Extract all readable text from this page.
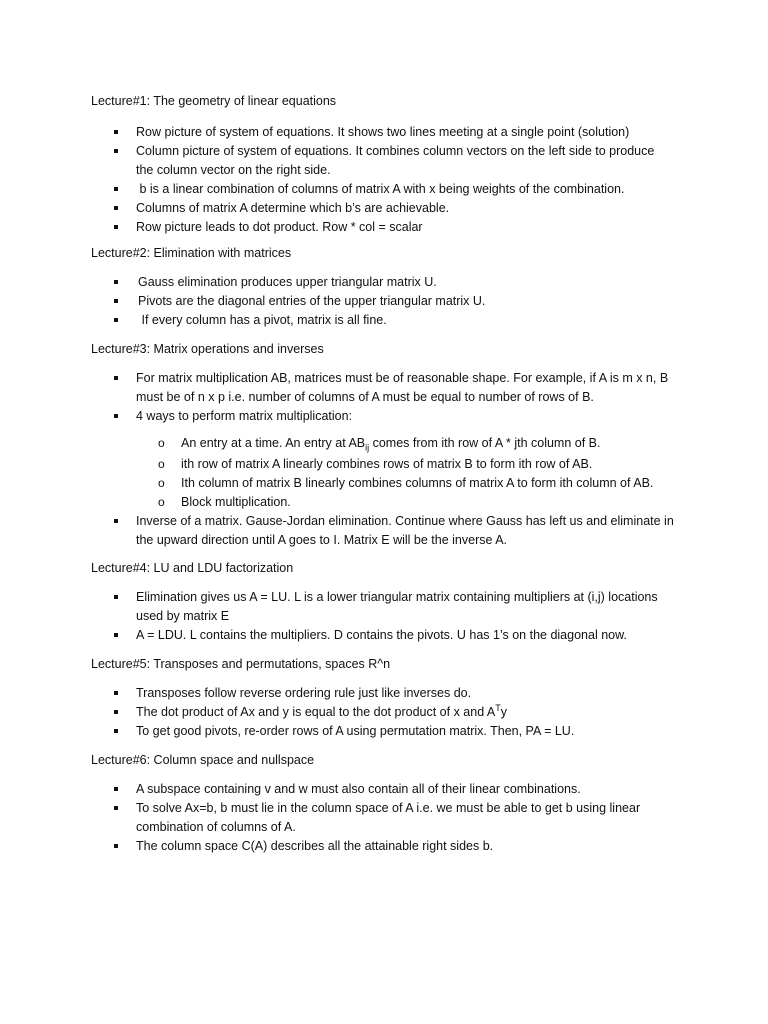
Lecture#1: The geometry of linear equations
Row picture of system of equations. It shows two lines meeting at a single point (solution)
Column picture of system of equations. It combines column vectors on the left side to produce the column vector on the right side.
b is a linear combination of columns of matrix A with x being weights of the combination.
Columns of matrix A determine which b’s are achievable.
Row picture leads to dot product. Row * col = scalar
Lecture#2: Elimination with matrices
Gauss elimination produces upper triangular matrix U.
Pivots are the diagonal entries of the upper triangular matrix U.
If every column has a pivot, matrix is all fine.
Lecture#3: Matrix operations and inverses
For matrix multiplication AB, matrices must be of reasonable shape. For example, if A is m x n, B must be of n x p i.e. number of columns of A must be equal to number of rows of B.
4 ways to perform matrix multiplication:
o An entry at a time. An entry at $AB_{ij}$ comes from ith row of A * jth column of B.
o ith row of matrix A linearly combines rows of matrix B to form ith row of AB.
o Ith column of matrix B linearly combines columns of matrix A to form ith column of AB.
o Block multiplication.
Inverse of a matrix. Gause-Jordan elimination. Continue where Gauss has left us and eliminate in the upward direction until A goes to I. Matrix E will be the inverse A.
Lecture#4: LU and LDU factorization
Elimination gives us A = LU. L is a lower triangular matrix containing multipliers at (i,j) locations used by matrix E
A = LDU. L contains the multipliers. D contains the pivots. U has 1’s on the diagonal now.
Lecture#5: Transposes and permutations, spaces R^n
Transposes follow reverse ordering rule just like inverses do.
The dot product of Ax and y is equal to the dot product of x and $A^Ty$
To get good pivots, re-order rows of A using permutation matrix. Then, PA = LU.
Lecture#6: Column space and nullspace
A subspace containing v and w must also contain all of their linear combinations.
To solve Ax=b, b must lie in the column space of A i.e. we must be able to get b using linear combination of columns of A.
The column space C(A) describes all the attainable right sides b.
